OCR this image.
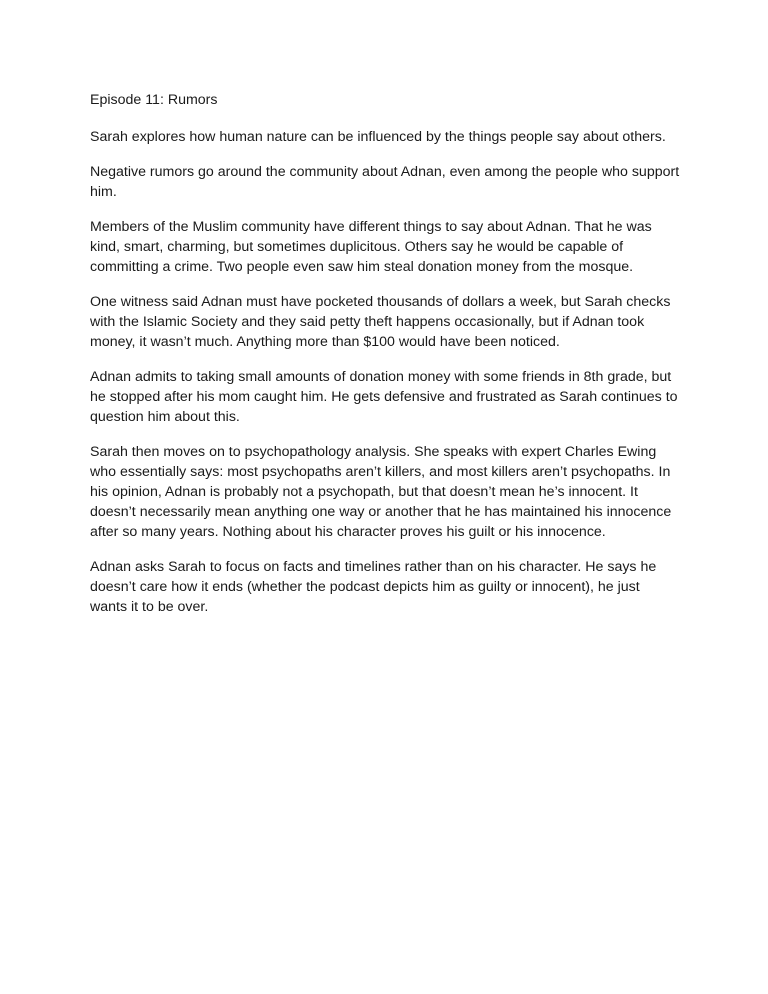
Episode 11: Rumors

Sarah explores how human nature can be influenced by the things people say about others.

Negative rumors go around the community about Adnan, even among the people who support him.

Members of the Muslim community have different things to say about Adnan. That he was kind, smart, charming, but sometimes duplicitous. Others say he would be capable of committing a crime. Two people even saw him steal donation money from the mosque.

One witness said Adnan must have pocketed thousands of dollars a week, but Sarah checks with the Islamic Society and they said petty theft happens occasionally, but if Adnan took money, it wasn’t much. Anything more than $100 would have been noticed.

Adnan admits to taking small amounts of donation money with some friends in 8th grade, but he stopped after his mom caught him. He gets defensive and frustrated as Sarah continues to question him about this.

Sarah then moves on to psychopathology analysis. She speaks with expert Charles Ewing who essentially says: most psychopaths aren’t killers, and most killers aren’t psychopaths. In his opinion, Adnan is probably not a psychopath, but that doesn’t mean he’s innocent. It doesn’t necessarily mean anything one way or another that he has maintained his innocence after so many years. Nothing about his character proves his guilt or his innocence.

Adnan asks Sarah to focus on facts and timelines rather than on his character. He says he doesn’t care how it ends (whether the podcast depicts him as guilty or innocent), he just wants it to be over.
